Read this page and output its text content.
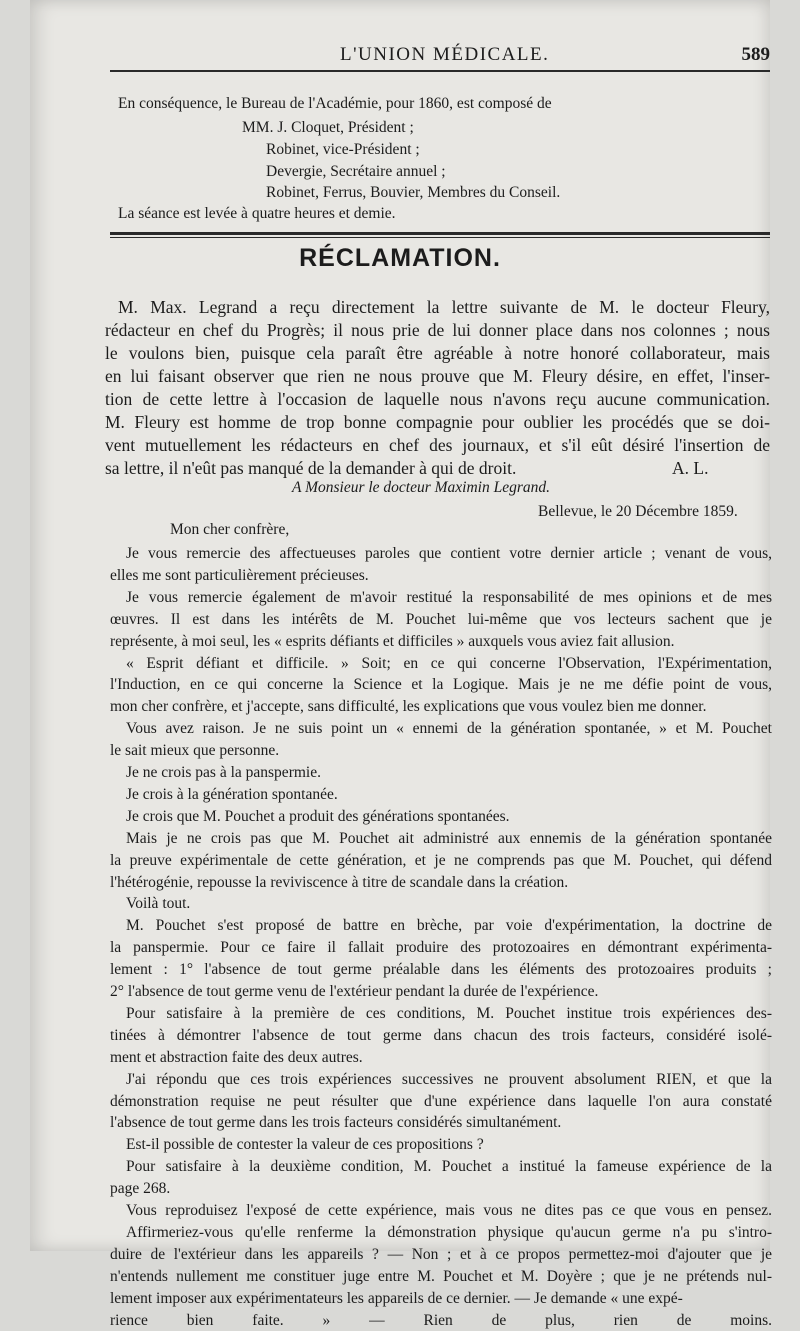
L'UNION MÉDICALE.	589
En conséquence, le Bureau de l'Académie, pour 1860, est composé de
MM. J. Cloquet, Président ;
Robinet, vice-Président ;
Devergie, Secrétaire annuel ;
Robinet, Ferrus, Bouvier, Membres du Conseil.
La séance est levée à quatre heures et demie.
RÉCLAMATION.
M. Max. Legrand a reçu directement la lettre suivante de M. le docteur Fleury,
rédacteur en chef du Progrès; il nous prie de lui donner place dans nos colonnes ; nous
le voulons bien, puisque cela paraît être agréable à notre honoré collaborateur, mais
en lui faisant observer que rien ne nous prouve que M. Fleury désire, en effet, l'inser-
tion de cette lettre à l'occasion de laquelle nous n'avons reçu aucune communication.
M. Fleury est homme de trop bonne compagnie pour oublier les procédés que se doi-
vent mutuellement les rédacteurs en chef des journaux, et s'il eût désiré l'insertion de
sa lettre, il n'eût pas manqué de la demander à qui de droit.	A. L.
A Monsieur le docteur Maximin Legrand.
Bellevue, le 20 Décembre 1859.
Mon cher confrère,
Je vous remercie des affectueuses paroles que contient votre dernier article ; venant de vous,
elles me sont particulièrement précieuses.
Je vous remercie également de m'avoir restitué la responsabilité de mes opinions et de mes
œuvres. Il est dans les intérêts de M. Pouchet lui-même que vos lecteurs sachent que je
représente, à moi seul, les « esprits défiants et difficiles » auxquels vous aviez fait allusion.
« Esprit défiant et difficile. » Soit; en ce qui concerne l'Observation, l'Expérimentation,
l'Induction, en ce qui concerne la Science et la Logique. Mais je ne me défie point de vous,
mon cher confrère, et j'accepte, sans difficulté, les explications que vous voulez bien me donner.
Vous avez raison. Je ne suis point un « ennemi de la génération spontanée, » et M. Pouchet
le sait mieux que personne.
Je ne crois pas à la panspermie.
Je crois à la génération spontanée.
Je crois que M. Pouchet a produit des générations spontanées.
Mais je ne crois pas que M. Pouchet ait administré aux ennemis de la génération spontanée
la preuve expérimentale de cette génération, et je ne comprends pas que M. Pouchet, qui défend
l'hétérogénie, repousse la reviviscence à titre de scandale dans la création.
Voilà tout.
M. Pouchet s'est proposé de battre en brèche, par voie d'expérimentation, la doctrine de
la panspermie. Pour ce faire il fallait produire des protozoaires en démontrant expérimenta-
lement : 1° l'absence de tout germe préalable dans les éléments des protozoaires produits ;
2° l'absence de tout germe venu de l'extérieur pendant la durée de l'expérience.
Pour satisfaire à la première de ces conditions, M. Pouchet institue trois expériences des-
tinées à démontrer l'absence de tout germe dans chacun des trois facteurs, considéré isolé-
ment et abstraction faite des deux autres.
J'ai répondu que ces trois expériences successives ne prouvent absolument RIEN, et que la
démonstration requise ne peut résulter que d'une expérience dans laquelle l'on aura constaté
l'absence de tout germe dans les trois facteurs considérés simultanément.
Est-il possible de contester la valeur de ces propositions ?
Pour satisfaire à la deuxième condition, M. Pouchet a institué la fameuse expérience de la
page 268.
Vous reproduisez l'exposé de cette expérience, mais vous ne dites pas ce que vous en pensez.
Affirmeriez-vous qu'elle renferme la démonstration physique qu'aucun germe n'a pu s'intro-
duire de l'extérieur dans les appareils ? — Non ; et à ce propos permettez-moi d'ajouter que je
n'entends nullement me constituer juge entre M. Pouchet et M. Doyère ; que je ne prétends nul-
lement imposer aux expérimentateurs les appareils de ce dernier. — Je demande « une expé-
rience bien faite. » — Rien de plus, rien de moins.
